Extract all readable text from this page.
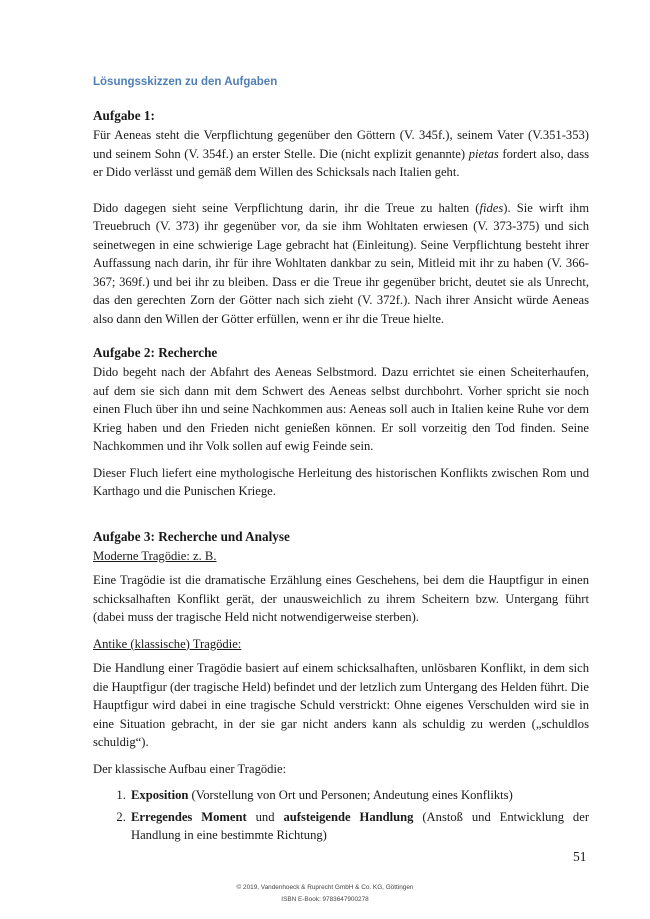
Lösungsskizzen zu den Aufgaben
Aufgabe 1:

Für Aeneas steht die Verpflichtung gegenüber den Göttern (V. 345f.), seinem Vater (V.351-353) und seinem Sohn (V. 354f.) an erster Stelle. Die (nicht explizit genannte) pietas fordert also, dass er Dido verlässt und gemäß dem Willen des Schicksals nach Italien geht.

Dido dagegen sieht seine Verpflichtung darin, ihr die Treue zu halten (fides). Sie wirft ihm Treuebruch (V. 373) ihr gegenüber vor, da sie ihm Wohltaten erwiesen (V. 373-375) und sich seinetwegen in eine schwierige Lage gebracht hat (Einleitung). Seine Verpflichtung besteht ihrer Auffassung nach darin, ihr für ihre Wohltaten dankbar zu sein, Mitleid mit ihr zu haben (V. 366-367; 369f.) und bei ihr zu bleiben. Dass er die Treue ihr gegenüber bricht, deutet sie als Unrecht, das den gerechten Zorn der Götter nach sich zieht (V. 372f.). Nach ihrer Ansicht würde Aeneas also dann den Willen der Götter erfüllen, wenn er ihr die Treue hielte.

Aufgabe 2: Recherche

Dido begeht nach der Abfahrt des Aeneas Selbstmord. Dazu errichtet sie einen Scheiterhaufen, auf dem sie sich dann mit dem Schwert des Aeneas selbst durchbohrt. Vorher spricht sie noch einen Fluch über ihn und seine Nachkommen aus: Aeneas soll auch in Italien keine Ruhe vor dem Krieg haben und den Frieden nicht genießen können. Er soll vorzeitig den Tod finden. Seine Nachkommen und ihr Volk sollen auf ewig Feinde sein.

Dieser Fluch liefert eine mythologische Herleitung des historischen Konflikts zwischen Rom und Karthago und die Punischen Kriege.

Aufgabe 3: Recherche und Analyse

Moderne Tragödie: z. B.

Eine Tragödie ist die dramatische Erzählung eines Geschehens, bei dem die Hauptfigur in einen schicksalhaften Konflikt gerät, der unausweichlich zu ihrem Scheitern bzw. Untergang führt (dabei muss der tragische Held nicht notwendigerweise sterben).

Antike (klassische) Tragödie:

Die Handlung einer Tragödie basiert auf einem schicksalhaften, unlösbaren Konflikt, in dem sich die Hauptfigur (der tragische Held) befindet und der letzlich zum Untergang des Helden führt. Die Hauptfigur wird dabei in eine tragische Schuld verstrickt: Ohne eigenes Verschulden wird sie in eine Situation gebracht, in der sie gar nicht anders kann als schuldig zu werden („schuldlos schuldig“).

Der klassische Aufbau einer Tragödie:

1. Exposition (Vorstellung von Ort und Personen; Andeutung eines Konflikts)
2. Erregendes Moment und aufsteigende Handlung (Anstoß und Entwicklung der Handlung in eine bestimmte Richtung)
51
© 2019, Vandenhoeck & Ruprecht GmbH & Co. KG, Göttingen
ISBN E-Book: 9783647900278
